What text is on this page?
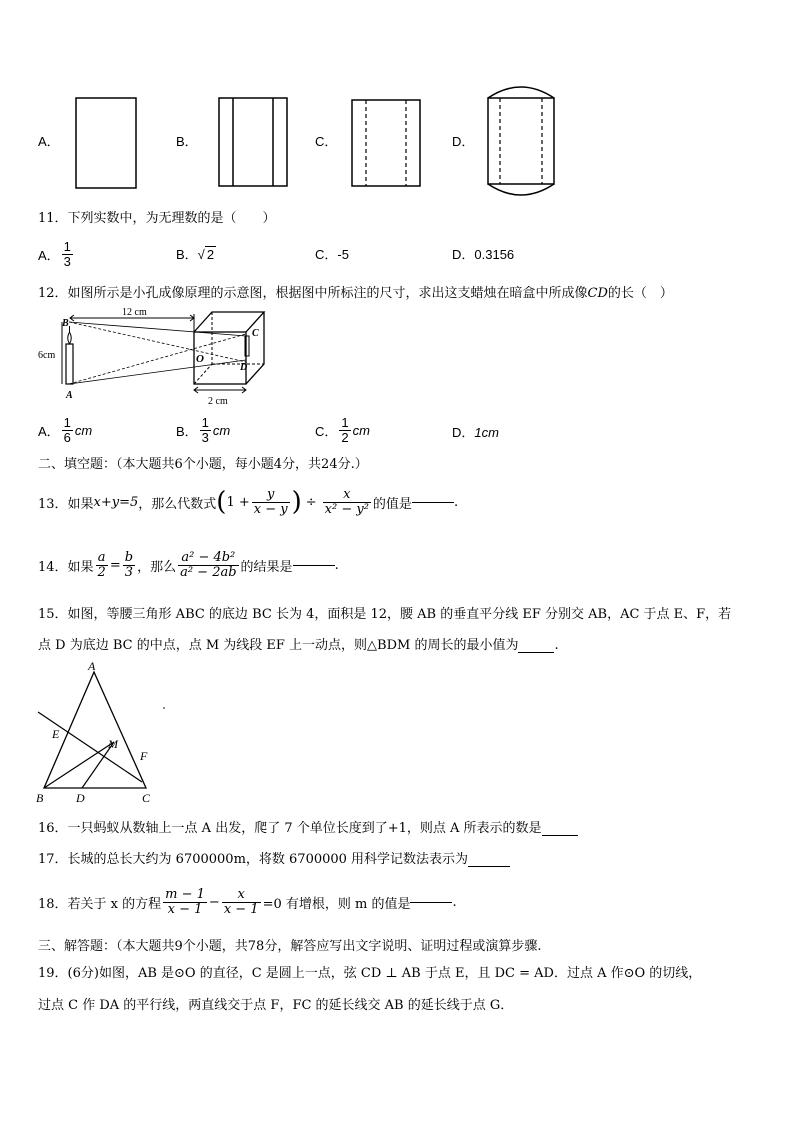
A．	B．	C．	D．
11．下列实数中，为无理数的是（　　）
A． $\frac{1}{3}$	B．√ 2	C．-5	D．0.3156
12．如图所示是小孔成像原理的示意图，根据图中所标注的尺寸，求出这支蜡烛在暗盒中所成像CD的长（　）
6cm
12 cm
2 cm
B
A
O
C
D
A． $\frac{1}{6}$ cm	B． $\frac{1}{3}$ cm	C． $\frac{1}{2}$ cm	D．1cm
二、填空题：（本大题共6个小题，每小题4分，共24分.）
13．如果 x+y=5 ，那么代数式 ( $1 + \frac{y}{x - y}$ ) ÷ $\frac{x}{\text{x² − y²}}$ 的值是	.
14．如果 $\frac{a}{2} = \frac{b}{3}$ ，那么 $\frac{\text{a² − 4b²}}{\text{a² − 2ab}}$ 的结果是	.
15．如图，等腰三角形 ABC 的底边 BC 长为 4，面积是 12，腰 AB 的垂直平分线 EF 分别交 AB，AC 于点 E、F，若
点 D 为底边 BC 的中点，点 M 为线段 EF 上一动点，则△BDM 的周长的最小值为	.
A
B	C
D
E
F
M
16．一只蚂蚁从数轴上一点 A 出发，爬了 7 个单位长度到了+1，则点 A 所表示的数是
17．长城的总长大约为 6700000m，将数 6700000 用科学记数法表示为
18．若关于 x 的方程 $\frac{m - 1}{x - 1} - \frac{x}{x - 1} =0$ 有增根，则 m 的值是	.
三、解答题：（本大题共9个小题，共78分，解答应写出文字说明、证明过程或演算步骤.
19．(6分)如图，AB 是⊙O 的直径，C 是圆上一点，弦 CD ⊥ AB 于点 E，且 DC = AD．过点 A 作⊙O 的切线，
过点 C 作 DA 的平行线，两直线交于点 F，FC 的延长线交 AB 的延长线于点 G．
